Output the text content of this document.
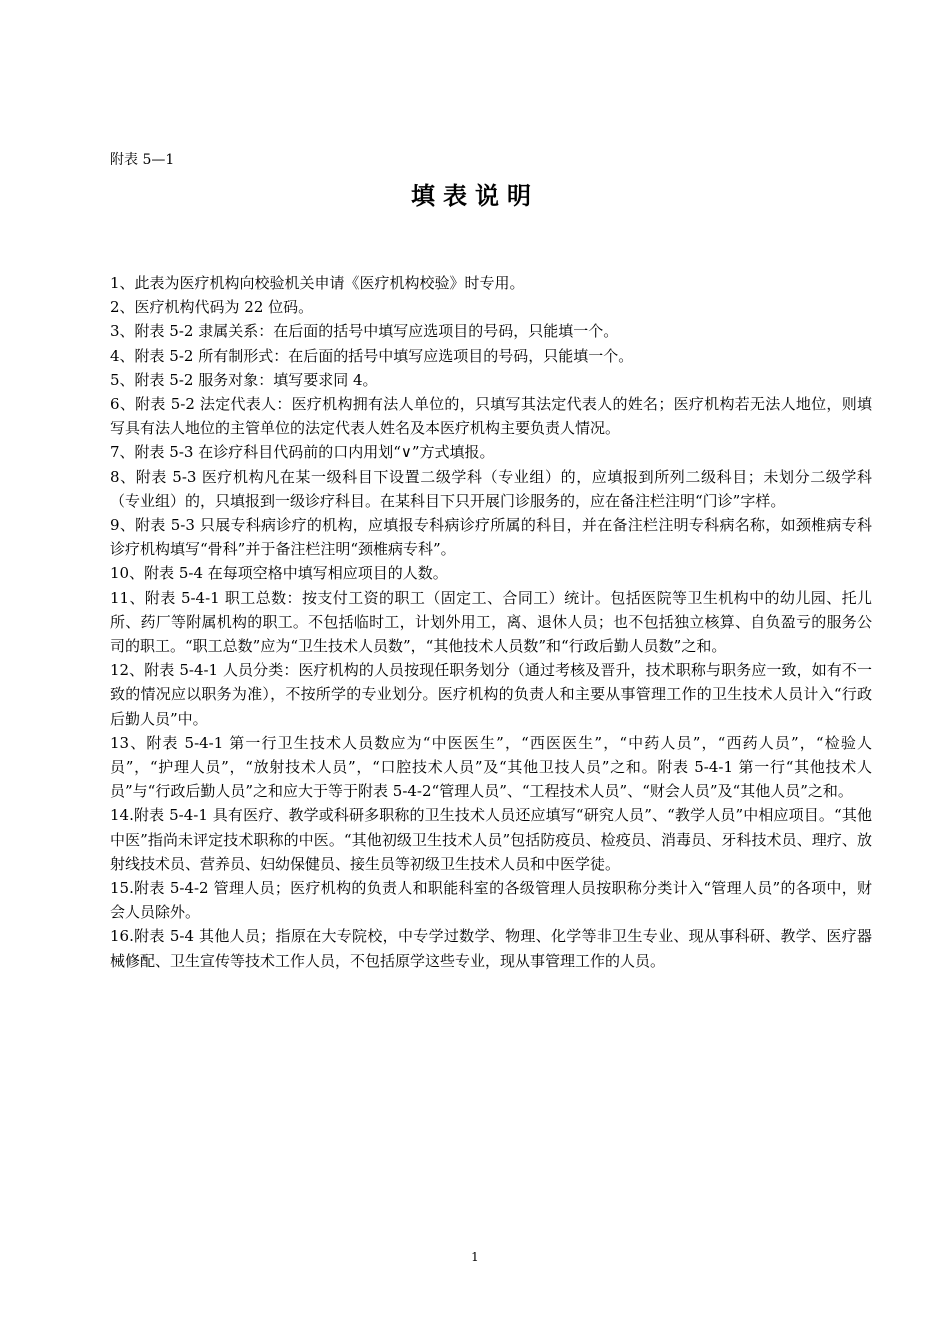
附表 5—1
填表说明
1、此表为医疗机构向校验机关申请《医疗机构校验》时专用。
2、医疗机构代码为 22 位码。
3、附表 5-2 隶属关系：在后面的括号中填写应选项目的号码，只能填一个。
4、附表 5-2 所有制形式：在后面的括号中填写应选项目的号码，只能填一个。
5、附表 5-2 服务对象：填写要求同 4。
6、附表 5-2 法定代表人：医疗机构拥有法人单位的，只填写其法定代表人的姓名；医疗机构若无法人地位，则填写具有法人地位的主管单位的法定代表人姓名及本医疗机构主要负责人情况。
7、附表 5-3 在诊疗科目代码前的口内用划“∨”方式填报。
8、附表 5-3 医疗机构凡在某一级科目下设置二级学科（专业组）的，应填报到所列二级科目；未划分二级学科（专业组）的，只填报到一级诊疗科目。在某科目下只开展门诊服务的，应在备注栏注明“门诊”字样。
9、附表 5-3 只展专科病诊疗的机构，应填报专科病诊疗所属的科目，并在备注栏注明专科病名称，如颈椎病专科诊疗机构填写“骨科”并于备注栏注明“颈椎病专科”。
10、附表 5-4 在每项空格中填写相应项目的人数。
11、附表 5-4-1 职工总数：按支付工资的职工（固定工、合同工）统计。包括医院等卫生机构中的幼儿园、托儿所、药厂等附属机构的职工。不包括临时工，计划外用工，离、退休人员；也不包括独立核算、自负盈亏的服务公司的职工。“职工总数”应为“卫生技术人员数”，“其他技术人员数”和“行政后勤人员数”之和。
12、附表 5-4-1 人员分类：医疗机构的人员按现任职务划分（通过考核及晋升，技术职称与职务应一致，如有不一致的情况应以职务为准），不按所学的专业划分。医疗机构的负责人和主要从事管理工作的卫生技术人员计入“行政后勤人员”中。
13、附表 5-4-1 第一行卫生技术人员数应为“中医医生”，“西医医生”，“中药人员”，“西药人员”，“检验人员”，“护理人员”，“放射技术人员”，“口腔技术人员”及“其他卫技人员”之和。附表 5-4-1 第一行“其他技术人员”与“行政后勤人员”之和应大于等于附表 5-4-2“管理人员”、“工程技术人员”、“财会人员”及“其他人员”之和。
14.附表 5-4-1 具有医疗、教学或科研多职称的卫生技术人员还应填写“研究人员”、“教学人员”中相应项目。“其他中医”指尚未评定技术职称的中医。“其他初级卫生技术人员”包括防疫员、检疫员、消毒员、牙科技术员、理疗、放射线技术员、营养员、妇幼保健员、接生员等初级卫生技术人员和中医学徒。
15.附表 5-4-2 管理人员；医疗机构的负责人和职能科室的各级管理人员按职称分类计入“管理人员”的各项中，财会人员除外。
16.附表 5-4 其他人员；指原在大专院校，中专学过数学、物理、化学等非卫生专业、现从事科研、教学、医疗器械修配、卫生宣传等技术工作人员，不包括原学这些专业，现从事管理工作的人员。
1
